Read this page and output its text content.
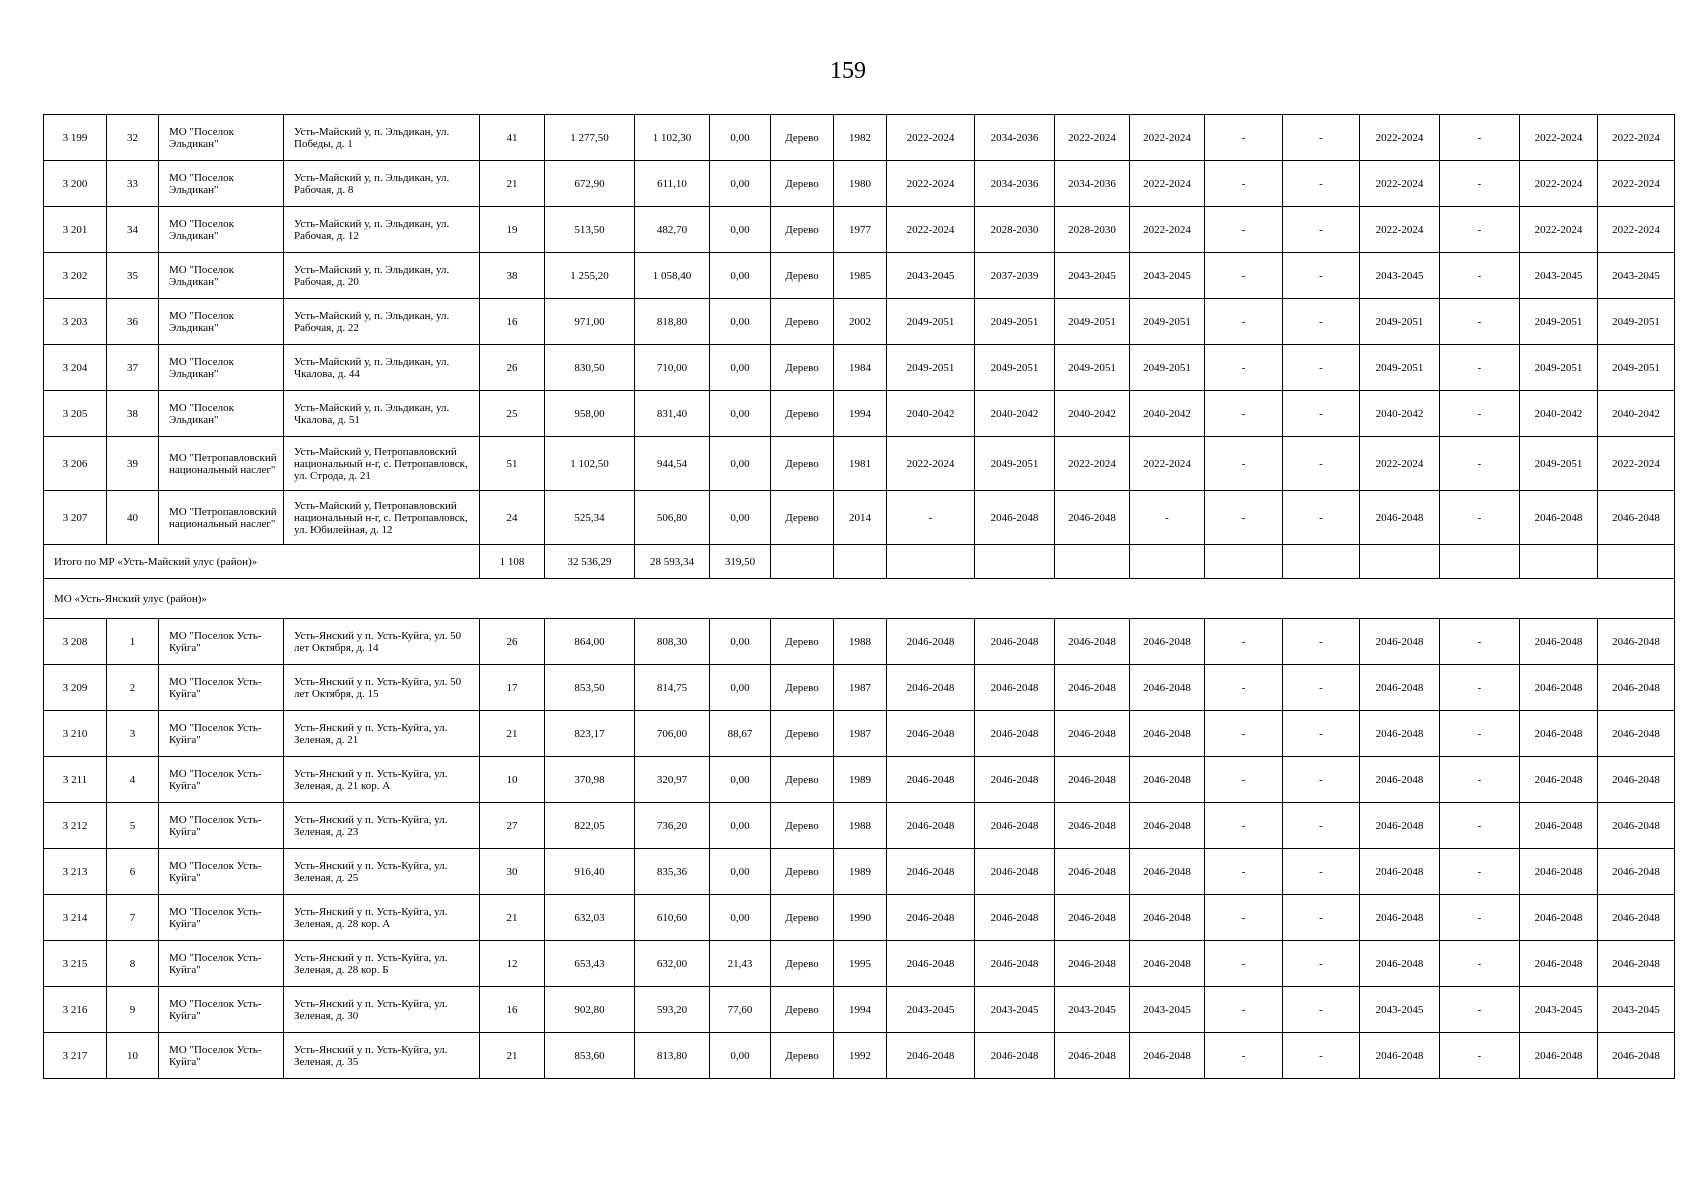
159
3 199	32	МО "Поселок Эльдикан"	Усть-Майский у, п. Эльдикан, ул. Победы, д. 1	41	1 277,50	1 102,30	0,00	Дерево	1982	2022-2024	2034-2036	2022-2024	2022-2024	-	-	2022-2024	-	2022-2024	2022-2024
3 200	33	МО "Поселок Эльдикан"	Усть-Майский у, п. Эльдикан, ул. Рабочая, д. 8	21	672,90	611,10	0,00	Дерево	1980	2022-2024	2034-2036	2034-2036	2022-2024	-	-	2022-2024	-	2022-2024	2022-2024
3 201	34	МО "Поселок Эльдикан"	Усть-Майский у, п. Эльдикан, ул. Рабочая, д. 12	19	513,50	482,70	0,00	Дерево	1977	2022-2024	2028-2030	2028-2030	2022-2024	-	-	2022-2024	-	2022-2024	2022-2024
3 202	35	МО "Поселок Эльдикан"	Усть-Майский у, п. Эльдикан, ул. Рабочая, д. 20	38	1 255,20	1 058,40	0,00	Дерево	1985	2043-2045	2037-2039	2043-2045	2043-2045	-	-	2043-2045	-	2043-2045	2043-2045
3 203	36	МО "Поселок Эльдикан"	Усть-Майский у, п. Эльдикан, ул. Рабочая, д. 22	16	971,00	818,80	0,00	Дерево	2002	2049-2051	2049-2051	2049-2051	2049-2051	-	-	2049-2051	-	2049-2051	2049-2051
3 204	37	МО "Поселок Эльдикан"	Усть-Майский у, п. Эльдикан, ул. Чкалова, д. 44	26	830,50	710,00	0,00	Дерево	1984	2049-2051	2049-2051	2049-2051	2049-2051	-	-	2049-2051	-	2049-2051	2049-2051
3 205	38	МО "Поселок Эльдикан"	Усть-Майский у, п. Эльдикан, ул. Чкалова, д. 51	25	958,00	831,40	0,00	Дерево	1994	2040-2042	2040-2042	2040-2042	2040-2042	-	-	2040-2042	-	2040-2042	2040-2042
3 206	39	МО "Петропавловский национальный наслег"	Усть-Майский у, Петропавловский национальный н-г, с. Петропавловск, ул. Строда, д. 21	51	1 102,50	944,54	0,00	Дерево	1981	2022-2024	2049-2051	2022-2024	2022-2024	-	-	2022-2024	-	2049-2051	2022-2024
3 207	40	МО "Петропавловский национальный наслег"	Усть-Майский у, Петропавловский национальный н-г, с. Петропавловск, ул. Юбилейная, д. 12	24	525,34	506,80	0,00	Дерево	2014	-	2046-2048	2046-2048	-	-	-	2046-2048	-	2046-2048	2046-2048
Итого по МР «Усть-Майский улус (район)»				1 108	32 536,29	28 593,34	319,50												
МО «Усть-Янский улус (район)»																			
3 208	1	МО "Поселок Усть-Куйга"	Усть-Янский у п. Усть-Куйга, ул. 50 лет Октября, д. 14	26	864,00	808,30	0,00	Дерево	1988	2046-2048	2046-2048	2046-2048	2046-2048	-	-	2046-2048	-	2046-2048	2046-2048
3 209	2	МО "Поселок Усть-Куйга"	Усть-Янский у п. Усть-Куйга, ул. 50 лет Октября, д. 15	17	853,50	814,75	0,00	Дерево	1987	2046-2048	2046-2048	2046-2048	2046-2048	-	-	2046-2048	-	2046-2048	2046-2048
3 210	3	МО "Поселок Усть-Куйга"	Усть-Янский у п. Усть-Куйга, ул. Зеленая, д. 21	21	823,17	706,00	88,67	Дерево	1987	2046-2048	2046-2048	2046-2048	2046-2048	-	-	2046-2048	-	2046-2048	2046-2048
3 211	4	МО "Поселок Усть-Куйга"	Усть-Янский у п. Усть-Куйга, ул. Зеленая, д. 21 кор. А	10	370,98	320,97	0,00	Дерево	1989	2046-2048	2046-2048	2046-2048	2046-2048	-	-	2046-2048	-	2046-2048	2046-2048
3 212	5	МО "Поселок Усть-Куйга"	Усть-Янский у п. Усть-Куйга, ул. Зеленая, д. 23	27	822,05	736,20	0,00	Дерево	1988	2046-2048	2046-2048	2046-2048	2046-2048	-	-	2046-2048	-	2046-2048	2046-2048
3 213	6	МО "Поселок Усть-Куйга"	Усть-Янский у п. Усть-Куйга, ул. Зеленая, д. 25	30	916,40	835,36	0,00	Дерево	1989	2046-2048	2046-2048	2046-2048	2046-2048	-	-	2046-2048	-	2046-2048	2046-2048
3 214	7	МО "Поселок Усть-Куйга"	Усть-Янский у п. Усть-Куйга, ул. Зеленая, д. 28 кор. А	21	632,03	610,60	0,00	Дерево	1990	2046-2048	2046-2048	2046-2048	2046-2048	-	-	2046-2048	-	2046-2048	2046-2048
3 215	8	МО "Поселок Усть-Куйга"	Усть-Янский у п. Усть-Куйга, ул. Зеленая, д. 28 кор. Б	12	653,43	632,00	21,43	Дерево	1995	2046-2048	2046-2048	2046-2048	2046-2048	-	-	2046-2048	-	2046-2048	2046-2048
3 216	9	МО "Поселок Усть-Куйга"	Усть-Янский у п. Усть-Куйга, ул. Зеленая, д. 30	16	902,80	593,20	77,60	Дерево	1994	2043-2045	2043-2045	2043-2045	2043-2045	-	-	2043-2045	-	2043-2045	2043-2045
3 217	10	МО "Поселок Усть-Куйга"	Усть-Янский у п. Усть-Куйга, ул. Зеленая, д. 35	21	853,60	813,80	0,00	Дерево	1992	2046-2048	2046-2048	2046-2048	2046-2048	-	-	2046-2048	-	2046-2048	2046-2048
